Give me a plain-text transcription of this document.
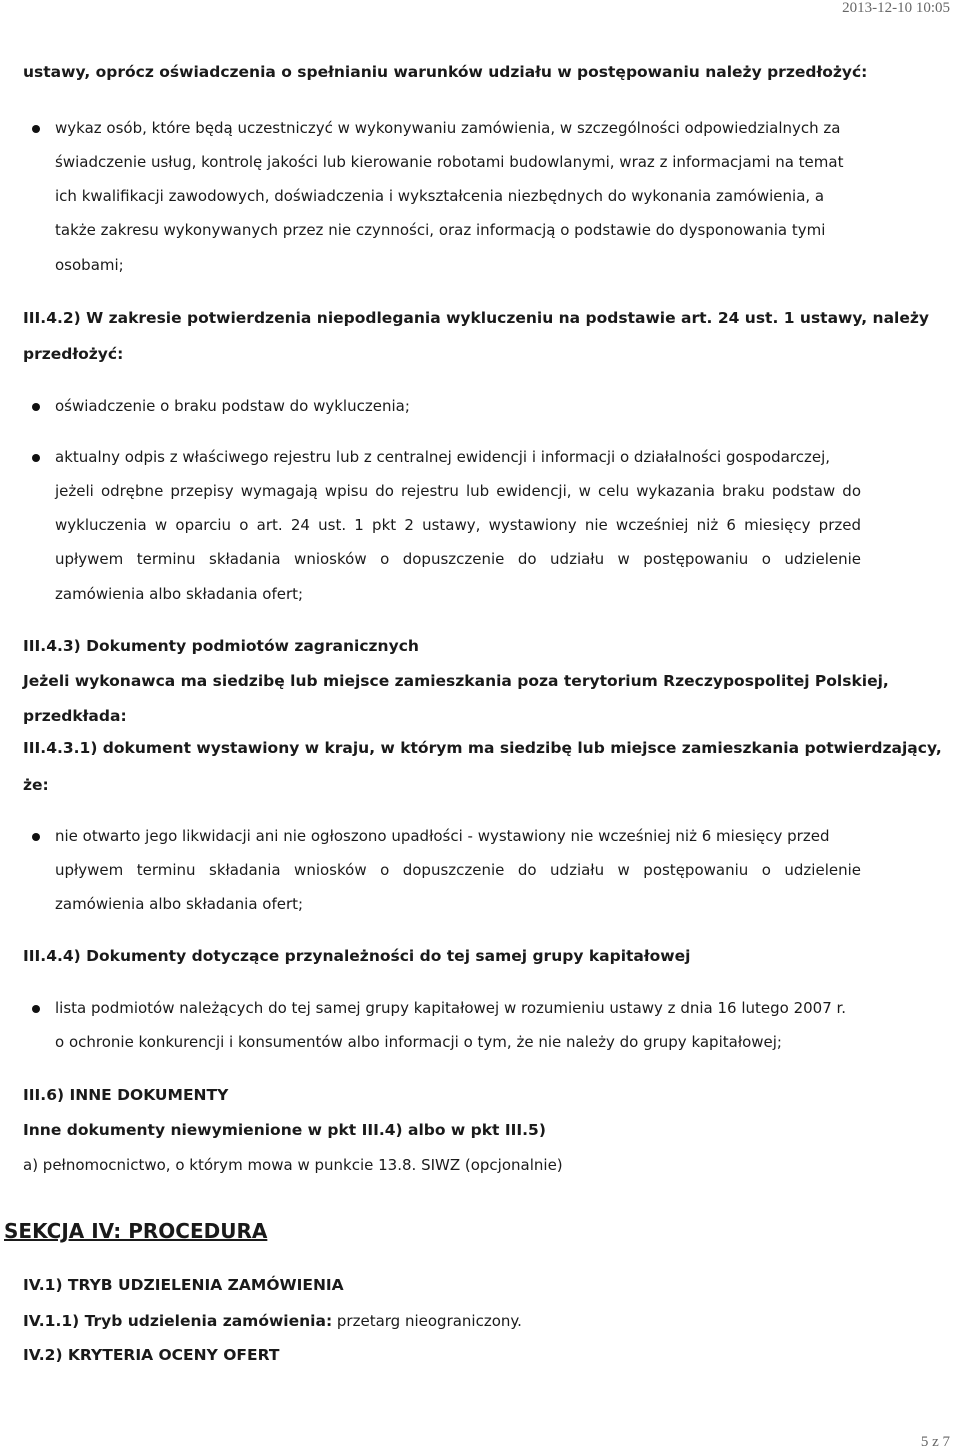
2013-12-10 10:05
5 z 7
ustawy, oprócz oświadczenia o spełnianiu warunków udziału w postępowaniu należy przedłożyć:
wykaz osób, które będą uczestniczyć w wykonywaniu zamówienia, w szczególności odpowiedzialnych za
świadczenie usług, kontrolę jakości lub kierowanie robotami budowlanymi, wraz z informacjami na temat
ich kwalifikacji zawodowych, doświadczenia i wykształcenia niezbędnych do wykonania zamówienia, a
także zakresu wykonywanych przez nie czynności, oraz informacją o podstawie do dysponowania tymi
osobami;
III.4.2) W zakresie potwierdzenia niepodlegania wykluczeniu na podstawie art. 24 ust. 1 ustawy, należy
przedłożyć:
oświadczenie o braku podstaw do wykluczenia;
aktualny odpis z właściwego rejestru lub z centralnej ewidencji i informacji o działalności gospodarczej,
jeżeli odrębne przepisy wymagają wpisu do rejestru lub ewidencji, w celu wykazania braku podstaw do
wykluczenia w oparciu o art. 24 ust. 1 pkt 2 ustawy, wystawiony nie wcześniej niż 6 miesięcy przed
upływem terminu składania wniosków o dopuszczenie do udziału w postępowaniu o udzielenie
zamówienia albo składania ofert;
III.4.3) Dokumenty podmiotów zagranicznych
Jeżeli wykonawca ma siedzibę lub miejsce zamieszkania poza terytorium Rzeczypospolitej Polskiej,
przedkłada:
III.4.3.1) dokument wystawiony w kraju, w którym ma siedzibę lub miejsce zamieszkania potwierdzający,
że:
nie otwarto jego likwidacji ani nie ogłoszono upadłości - wystawiony nie wcześniej niż 6 miesięcy przed
upływem terminu składania wniosków o dopuszczenie do udziału w postępowaniu o udzielenie
zamówienia albo składania ofert;
III.4.4) Dokumenty dotyczące przynależności do tej samej grupy kapitałowej
lista podmiotów należących do tej samej grupy kapitałowej w rozumieniu ustawy z dnia 16 lutego 2007 r.
o ochronie konkurencji i konsumentów albo informacji o tym, że nie należy do grupy kapitałowej;
III.6) INNE DOKUMENTY
Inne dokumenty niewymienione w pkt III.4) albo w pkt III.5)
a) pełnomocnictwo, o którym mowa w punkcie 13.8. SIWZ (opcjonalnie)
SEKCJA IV: PROCEDURA
IV.1) TRYB UDZIELENIA ZAMÓWIENIA
IV.1.1) Tryb udzielenia zamówienia: przetarg nieograniczony.
IV.2) KRYTERIA OCENY OFERT
